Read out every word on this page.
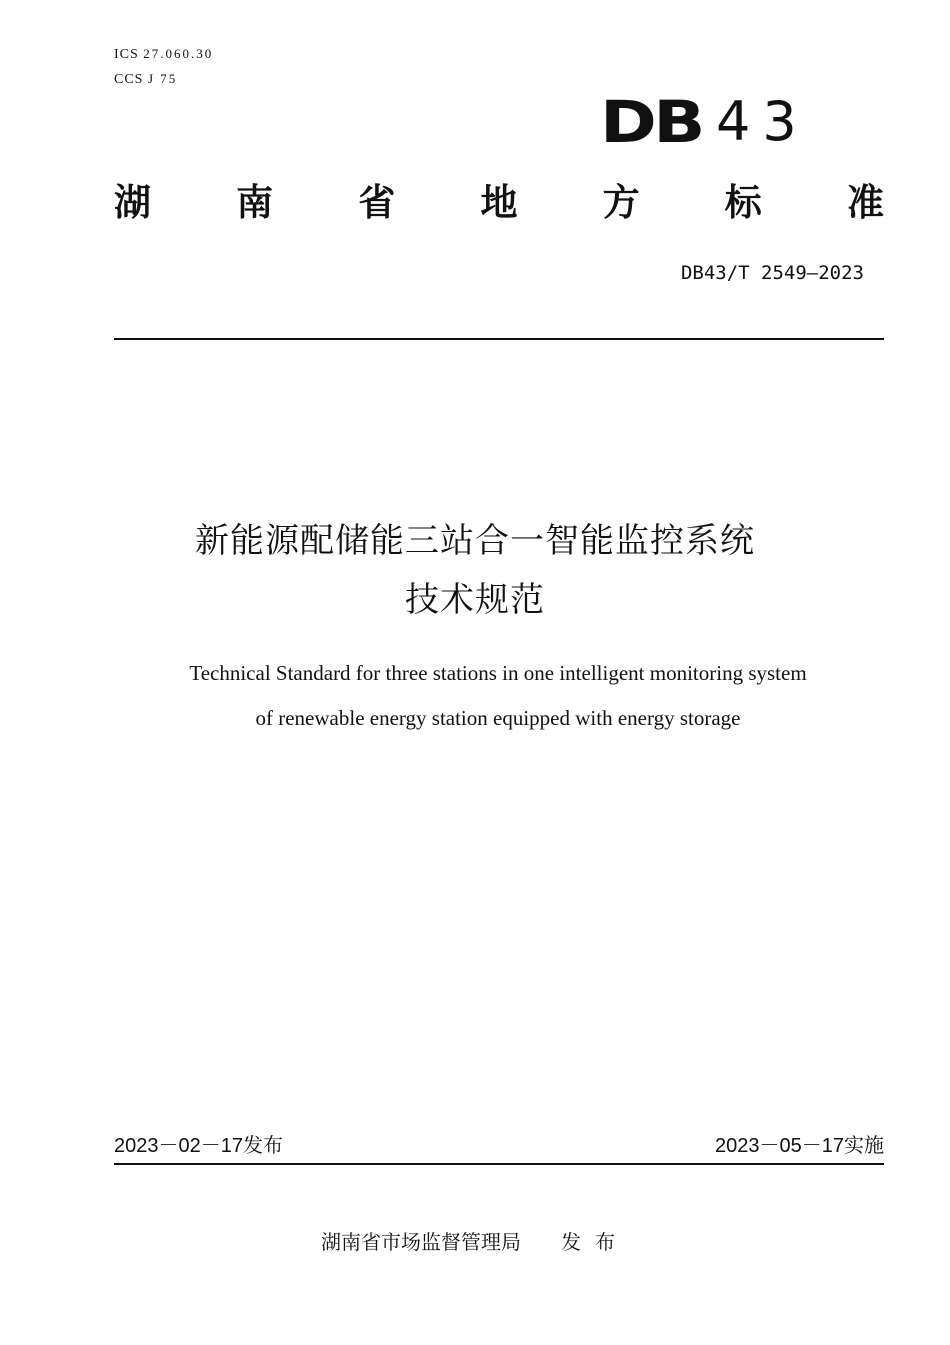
ICS 27.060.30
CCS J 75
DB 43
湖 南 省 地 方 标 准
DB43/T 2549—2023
新能源配储能三站合一智能监控系统
技术规范
Technical Standard for three stations in one intelligent monitoring system
of renewable energy station equipped with energy storage
2023－02－17发布	2023－05－17实施
湖南省市场监督管理局 发布
